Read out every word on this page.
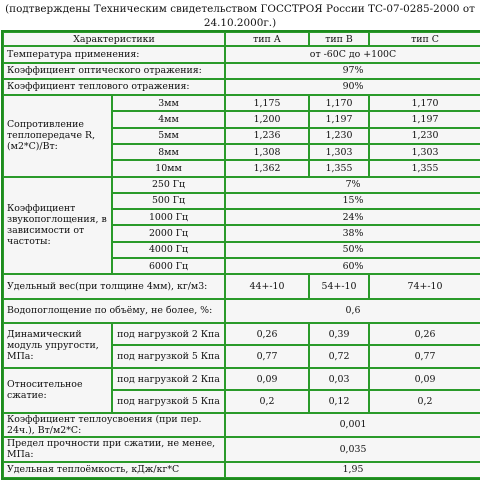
(подтверждены Техническим свидетельством ГОССТРОЯ России ТС-07-0285-2000 от 24.10.2000г.)

Характеристики		тип А	тип В	тип С
Температура применения:		от -60С до +100С		
Коэффициент оптического отражения:		97%		
Коэффициент теплового отражения:		90%		
Сопротивление теплопередаче R, (м2*С)/Вт:	3мм	1,175	1,170	1,170
	4мм	1,200	1,197	1,197
	5мм	1,236	1,230	1,230
	8мм	1,308	1,303	1,303
	10мм	1,362	1,355	1,355
Коэффициент звукопоглощения, в зависимости от частоты:	250 Гц	7%		
	500 Гц	15%		
	1000 Гц	24%		
	2000 Гц	38%		
	4000 Гц	50%		
	6000 Гц	60%		
Удельный вес(при толщине 4мм), кг/м3:		44+-10	54+-10	74+-10
Водопоглощение по объёму, не более, %:		0,6		
Динамический модуль упругости, МПа:	под нагрузкой 2 Кпа	0,26	0,39	0,26
	под нагрузкой 5 Кпа	0,77	0,72	0,77
Относительное сжатие:	под нагрузкой 2 Кпа	0,09	0,03	0,09
	под нагрузкой 5 Кпа	0,2	0,12	0,2
Коэффициент теплоусвоения (при пер. 24ч.), Вт/м2*С:		0,001		
Предел прочности при сжатии, не менее, МПа:		0,035		
Удельная теплоёмкость, кДж/кг*С		1,95		
